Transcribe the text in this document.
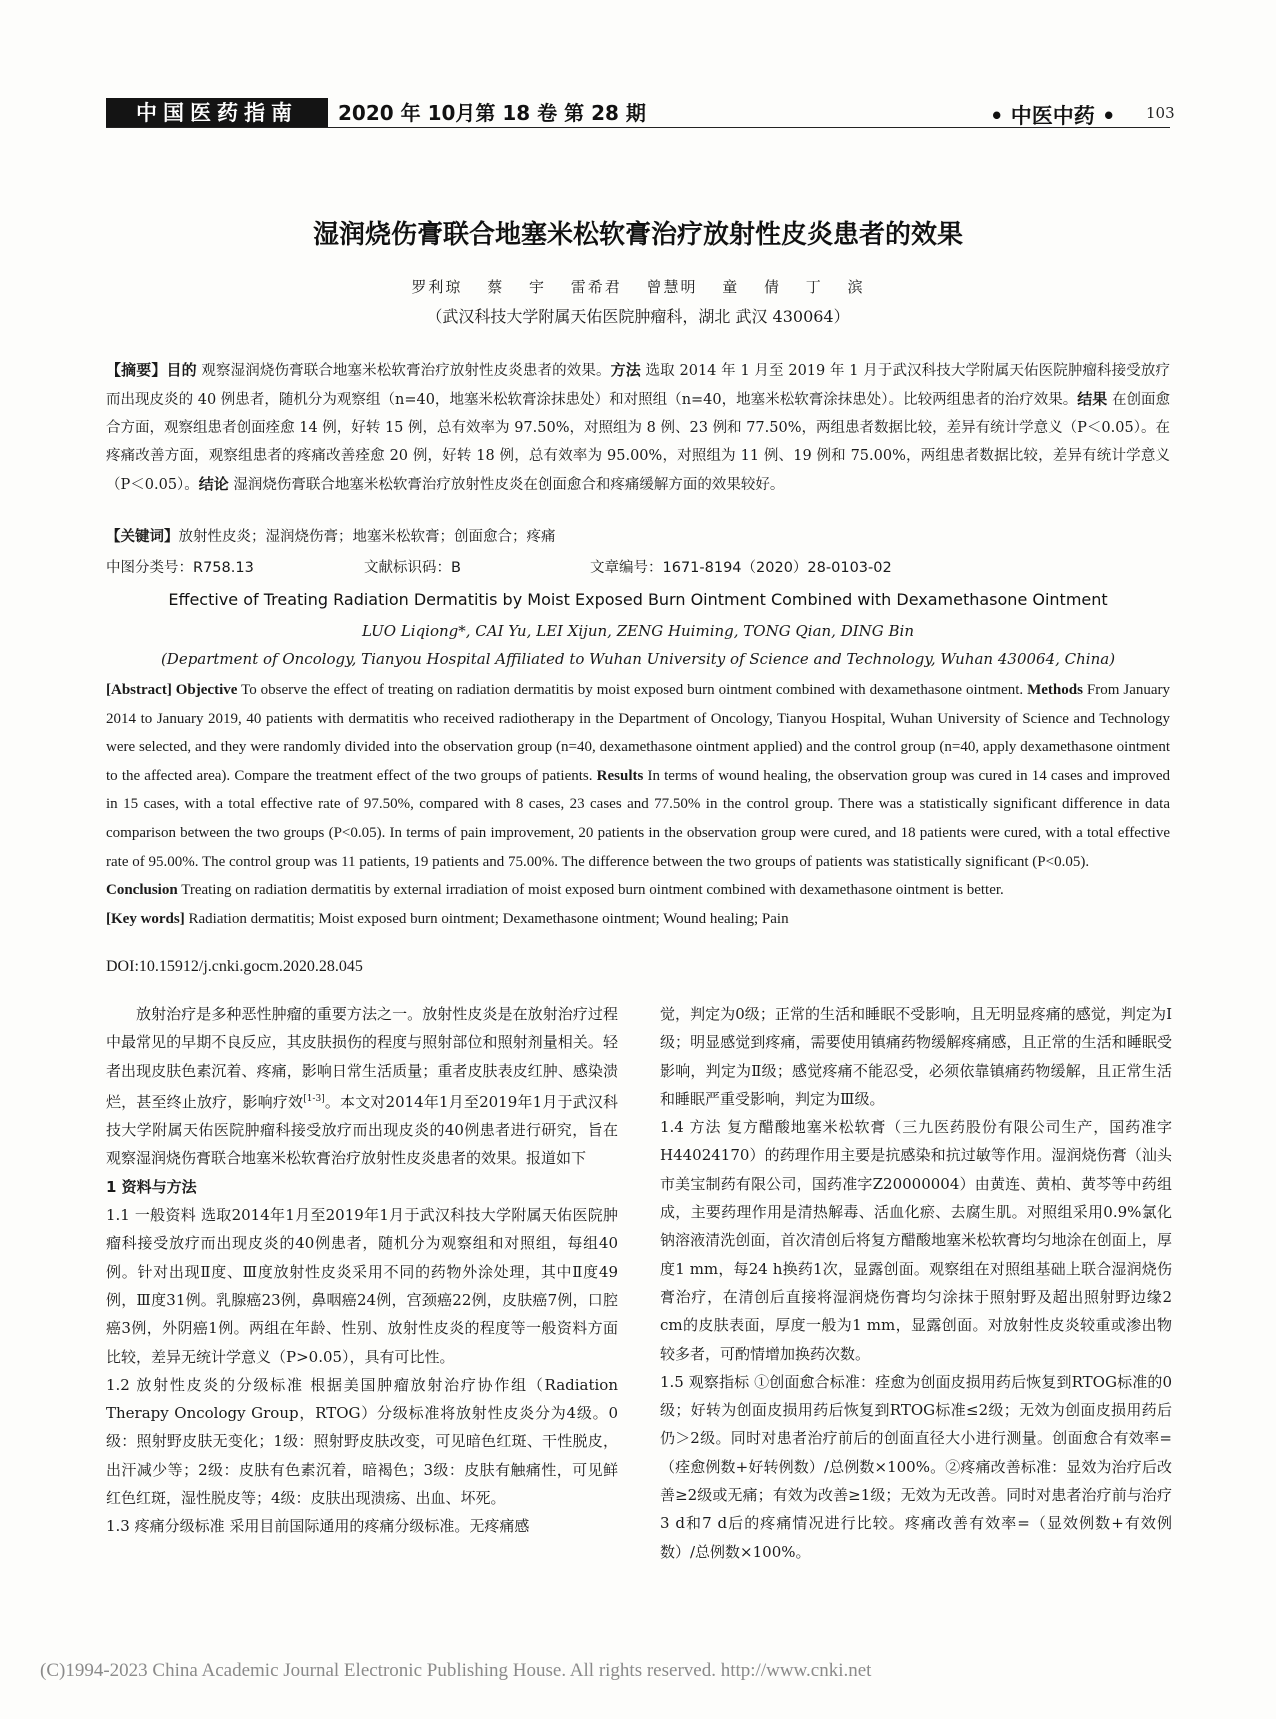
中国医药指南	2020 年 10月第 18 卷 第 28 期	• 中医中药 • 103
湿润烧伤膏联合地塞米松软膏治疗放射性皮炎患者的效果
罗利琼 蔡 宇 雷希君 曾慧明 童 倩 丁 滨
（武汉科技大学附属天佑医院肿瘤科，湖北 武汉 430064）
【摘要】目的 观察湿润烧伤膏联合地塞米松软膏治疗放射性皮炎患者的效果。方法 选取 2014 年 1 月至 2019 年 1 月于武汉科技大学附属天佑医院肿瘤科接受放疗而出现皮炎的 40 例患者，随机分为观察组（n=40，地塞米松软膏涂抹患处）和对照组（n=40，地塞米松软膏涂抹患处）。比较两组患者的治疗效果。结果 在创面愈合方面，观察组患者创面痊愈 14 例，好转 15 例，总有效率为 97.50%，对照组为 8 例、23 例和 77.50%，两组患者数据比较，差异有统计学意义（P＜0.05）。在疼痛改善方面，观察组患者的疼痛改善痊愈 20 例，好转 18 例，总有效率为 95.00%，对照组为 11 例、19 例和 75.00%，两组患者数据比较，差异有统计学意义（P＜0.05）。结论 湿润烧伤膏联合地塞米松软膏治疗放射性皮炎在创面愈合和疼痛缓解方面的效果较好。
【关键词】放射性皮炎；湿润烧伤膏；地塞米松软膏；创面愈合；疼痛
中图分类号：R758.13	文献标识码：B	文章编号：1671-8194（2020）28-0103-02
Effective of Treating Radiation Dermatitis by Moist Exposed Burn Ointment Combined with Dexamethasone Ointment
LUO Liqiong*, CAI Yu, LEI Xijun, ZENG Huiming, TONG Qian, DING Bin
(Department of Oncology, Tianyou Hospital Affiliated to Wuhan University of Science and Technology, Wuhan 430064, China)
[Abstract] Objective To observe the effect of treating on radiation dermatitis by moist exposed burn ointment combined with dexamethasone ointment. Methods From January 2014 to January 2019, 40 patients with dermatitis who received radiotherapy in the Department of Oncology, Tianyou Hospital, Wuhan University of Science and Technology were selected, and they were randomly divided into the observation group (n=40, dexamethasone ointment applied) and the control group (n=40, apply dexamethasone ointment to the affected area). Compare the treatment effect of the two groups of patients. Results In terms of wound healing, the observation group was cured in 14 cases and improved in 15 cases, with a total effective rate of 97.50%, compared with 8 cases, 23 cases and 77.50% in the control group. There was a statistically significant difference in data comparison between the two groups (P<0.05). In terms of pain improvement, 20 patients in the observation group were cured, and 18 patients were cured, with a total effective rate of 95.00%. The control group was 11 patients, 19 patients and 75.00%. The difference between the two groups of patients was statistically significant (P<0.05).
Conclusion Treating on radiation dermatitis by external irradiation of moist exposed burn ointment combined with dexamethasone ointment is better.
[Key words] Radiation dermatitis; Moist exposed burn ointment; Dexamethasone ointment; Wound healing; Pain
DOI:10.15912/j.cnki.gocm.2020.28.045

放射治疗是多种恶性肿瘤的重要方法之一。放射性皮炎是在放射治疗过程中最常见的早期不良反应，其皮肤损伤的程度与照射部位和照射剂量相关。轻者出现皮肤色素沉着、疼痛，影响日常生活质量；重者皮肤表皮红肿、感染溃烂，甚至终止放疗，影响疗效[1-3]。本文对2014年1月至2019年1月于武汉科技大学附属天佑医院肿瘤科接受放疗而出现皮炎的40例患者进行研究，旨在观察湿润烧伤膏联合地塞米松软膏治疗放射性皮炎患者的效果。报道如下

1 资料与方法

1.1 一般资料 选取2014年1月至2019年1月于武汉科技大学附属天佑医院肿瘤科接受放疗而出现皮炎的40例患者，随机分为观察组和对照组，每组40例。针对出现Ⅱ度、Ⅲ度放射性皮炎采用不同的药物外涂处理，其中Ⅱ度49例，Ⅲ度31例。乳腺癌23例，鼻咽癌24例，宫颈癌22例，皮肤癌7例，口腔癌3例，外阴癌1例。两组在年龄、性别、放射性皮炎的程度等一般资料方面比较，差异无统计学意义（P>0.05），具有可比性。

1.2 放射性皮炎的分级标准 根据美国肿瘤放射治疗协作组（Radiation Therapy Oncology Group，RTOG）分级标准将放射性皮炎分为4级。0级：照射野皮肤无变化；1级：照射野皮肤改变，可见暗色红斑、干性脱皮，出汗减少等；2级：皮肤有色素沉着，暗褐色；3级：皮肤有触痛性，可见鲜红色红斑，湿性脱皮等；4级：皮肤出现溃疡、出血、坏死。

1.3 疼痛分级标准 采用目前国际通用的疼痛分级标准。无疼痛感

觉，判定为0级；正常的生活和睡眠不受影响，且无明显疼痛的感觉，判定为Ⅰ级；明显感觉到疼痛，需要使用镇痛药物缓解疼痛感，且正常的生活和睡眠受影响，判定为Ⅱ级；感觉疼痛不能忍受，必须依靠镇痛药物缓解，且正常生活和睡眠严重受影响，判定为Ⅲ级。

1.4 方法 复方醋酸地塞米松软膏（三九医药股份有限公司生产，国药准字H44024170）的药理作用主要是抗感染和抗过敏等作用。湿润烧伤膏（汕头市美宝制药有限公司，国药准字Z20000004）由黄连、黄柏、黄芩等中药组成，主要药理作用是清热解毒、活血化瘀、去腐生肌。对照组采用0.9%氯化钠溶液清洗创面，首次清创后将复方醋酸地塞米松软膏均匀地涂在创面上，厚度1 mm，每24 h换药1次，显露创面。观察组在对照组基础上联合湿润烧伤膏治疗，在清创后直接将湿润烧伤膏均匀涂抹于照射野及超出照射野边缘2 cm的皮肤表面，厚度一般为1 mm，显露创面。对放射性皮炎较重或渗出物较多者，可酌情增加换药次数。

1.5 观察指标 ①创面愈合标准：痊愈为创面皮损用药后恢复到RTOG标准的0级；好转为创面皮损用药后恢复到RTOG标准≤2级；无效为创面皮损用药后仍＞2级。同时对患者治疗前后的创面直径大小进行测量。创面愈合有效率=（痊愈例数+好转例数）/总例数×100%。②疼痛改善标准：显效为治疗后改善≥2级或无痛；有效为改善≥1级；无效为无改善。同时对患者治疗前与治疗3 d和7 d后的疼痛情况进行比较。疼痛改善有效率=（显效例数+有效例数）/总例数×100%。

(C)1994-2023 China Academic Journal Electronic Publishing House. All rights reserved. http://www.cnki.net
